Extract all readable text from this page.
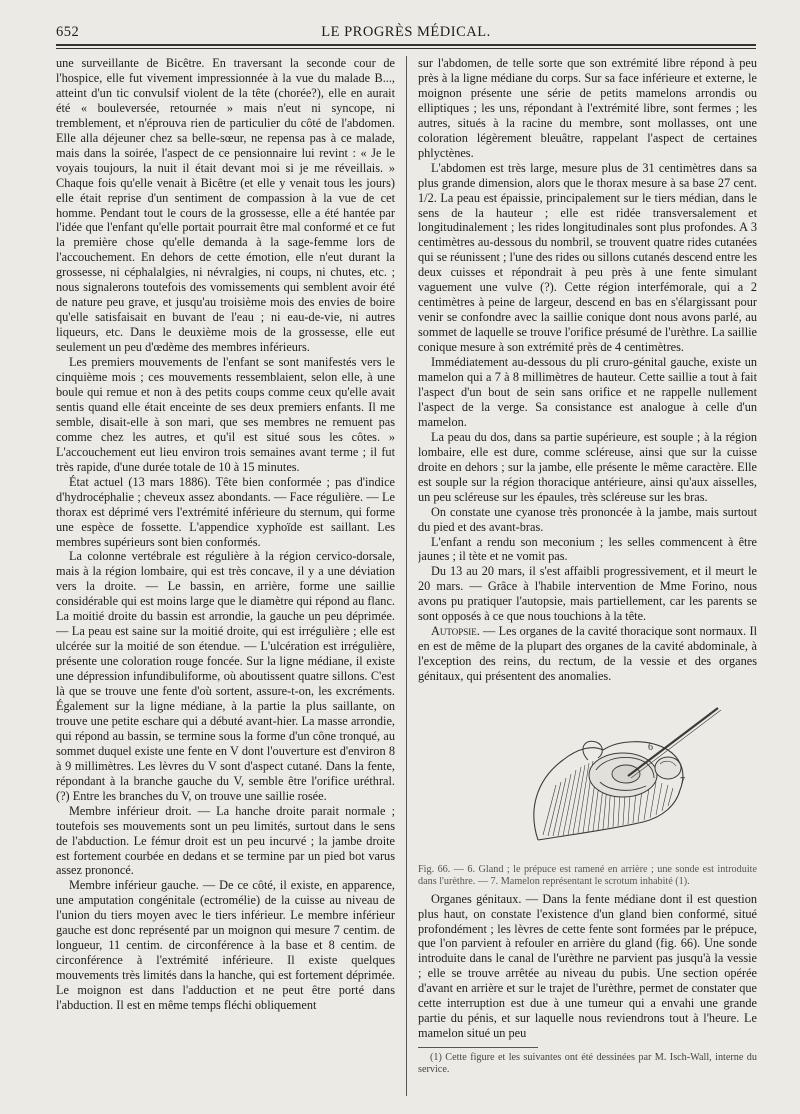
652	LE PROGRÈS MÉDICAL.

une surveillante de Bicêtre. En traversant la seconde cour de l'hospice, elle fut vivement impressionnée à la vue du malade B..., atteint d'un tic convulsif violent de la tête (chorée?), elle en aurait été « bouleversée, retournée » mais n'eut ni syncope, ni tremblement, et n'éprouva rien de particulier du côté de l'abdomen. Elle alla déjeuner chez sa belle-sœur, ne repensa pas à ce malade, mais dans la soirée, l'aspect de ce pensionnaire lui revint : « Je le voyais toujours, la nuit il était devant moi si je me réveillais. » Chaque fois qu'elle venait à Bicêtre (et elle y venait tous les jours) elle était reprise d'un sentiment de compassion à la vue de cet homme. Pendant tout le cours de la grossesse, elle a été hantée par l'idée que l'enfant qu'elle portait pourrait être mal conformé et ce fut la première chose qu'elle demanda à la sage-femme lors de l'accouchement. En dehors de cette émotion, elle n'eut durant la grossesse, ni céphalalgies, ni névralgies, ni coups, ni chutes, etc. ; nous signalerons toutefois des vomissements qui semblent avoir été de nature peu grave, et jusqu'au troisième mois des envies de boire qu'elle satisfaisait en buvant de l'eau ; ni eau-de-vie, ni autres liqueurs, etc. Dans le deuxième mois de la grossesse, elle eut seulement un peu d'œdème des membres inférieurs.

Les premiers mouvements de l'enfant se sont manifestés vers le cinquième mois ; ces mouvements ressemblaient, selon elle, à une boule qui remue et non à des petits coups comme ceux qu'elle avait sentis quand elle était enceinte de ses deux premiers enfants. Il me semble, disait-elle à son mari, que ses membres ne remuent pas comme chez les autres, et qu'il est situé sous les côtes. » L'accouchement eut lieu environ trois semaines avant terme ; il fut très rapide, d'une durée totale de 10 à 15 minutes.

État actuel (13 mars 1886). Tête bien conformée ; pas d'indice d'hydrocéphalie ; cheveux assez abondants. — Face régulière. — Le thorax est déprimé vers l'extrémité inférieure du sternum, qui forme une espèce de fossette. L'appendice xyphoïde est saillant. Les membres supérieurs sont bien conformés.

La colonne vertébrale est régulière à la région cervico-dorsale, mais à la région lombaire, qui est très concave, il y a une déviation vers la droite. — Le bassin, en arrière, forme une saillie considérable qui est moins large que le diamètre qui répond au flanc. La moitié droite du bassin est arrondie, la gauche un peu déprimée. — La peau est saine sur la moitié droite, qui est irrégulière ; elle est ulcérée sur la moitié de son étendue. — L'ulcération est irrégulière, présente une coloration rouge foncée. Sur la ligne médiane, il existe une dépression infundibuliforme, où aboutissent quatre sillons. C'est là que se trouve une fente d'où sortent, assure-t-on, les excréments. Également sur la ligne médiane, à la partie la plus saillante, on trouve une petite eschare qui a débuté avant-hier. La masse arrondie, qui répond au bassin, se termine sous la forme d'un cône tronqué, au sommet duquel existe une fente en V dont l'ouverture est d'environ 8 à 9 millimètres. Les lèvres du V sont d'aspect cutané. Dans la fente, répondant à la branche gauche du V, semble être l'orifice uréthral. (?) Entre les branches du V, on trouve une saillie rosée.

Membre inférieur droit. — La hanche droite parait normale ; toutefois ses mouvements sont un peu limités, surtout dans le sens de l'abduction. Le fémur droit est un peu incurvé ; la jambe droite est fortement courbée en dedans et se termine par un pied bot varus assez prononcé.

Membre inférieur gauche. — De ce côté, il existe, en apparence, une amputation congénitale (ectromélie) de la cuisse au niveau de l'union du tiers moyen avec le tiers inférieur. Le membre inférieur gauche est donc représenté par un moignon qui mesure 7 centim. de longueur, 11 centim. de circonférence à la base et 8 centim. de circonférence à l'extrémité inférieure. Il existe quelques mouvements très limités dans la hanche, qui est fortement déprimée. Le moignon est dans l'adduction et ne peut être porté dans l'abduction. Il est en même temps fléchi obliquement

sur l'abdomen, de telle sorte que son extrémité libre répond à peu près à la ligne médiane du corps. Sur sa face inférieure et externe, le moignon présente une série de petits mamelons arrondis ou elliptiques ; les uns, répondant à l'extrémité libre, sont fermes ; les autres, situés à la racine du membre, sont mollasses, ont une coloration légèrement bleuâtre, rappelant l'aspect de certaines phlyctènes.

L'abdomen est très large, mesure plus de 31 centimètres dans sa plus grande dimension, alors que le thorax mesure à sa base 27 cent. 1/2. La peau est épaissie, principalement sur le tiers médian, dans le sens de la hauteur ; elle est ridée transversalement et longitudinalement ; les rides longitudinales sont plus profondes. A 3 centimètres au-dessous du nombril, se trouvent quatre rides cutanées qui se réunissent ; l'une des rides ou sillons cutanés descend entre les deux cuisses et répondrait à peu près à une fente simulant vaguement une vulve (?). Cette région interfémorale, qui a 2 centimètres à peine de largeur, descend en bas en s'élargissant pour venir se confondre avec la saillie conique dont nous avons parlé, au sommet de laquelle se trouve l'orifice présumé de l'urèthre. La saillie conique mesure à son extrémité près de 4 centimètres.

Immédiatement au-dessous du pli cruro-génital gauche, existe un mamelon qui a 7 à 8 millimètres de hauteur. Cette saillie a tout à fait l'aspect d'un bout de sein sans orifice et ne rappelle nullement l'aspect de la verge. Sa consistance est analogue à celle d'un mamelon.

La peau du dos, dans sa partie supérieure, est souple ; à la région lombaire, elle est dure, comme scléreuse, ainsi que sur la cuisse droite en dehors ; sur la jambe, elle présente le même caractère. Elle est souple sur la région thoracique antérieure, ainsi qu'aux aisselles, un peu scléreuse sur les épaules, très scléreuse sur les bras.

On constate une cyanose très prononcée à la jambe, mais surtout du pied et des avant-bras.

L'enfant a rendu son meconium ; les selles commencent à être jaunes ; il tète et ne vomit pas.

Du 13 au 20 mars, il s'est affaibli progressivement, et il meurt le 20 mars. — Grâce à l'habile intervention de Mme Forino, nous avons pu pratiquer l'autopsie, mais partiellement, car les parents se sont opposés à ce que nous touchions à la tête.

Autopsie. — Les organes de la cavité thoracique sont normaux. Il en est de même de la plupart des organes de la cavité abdominale, à l'exception des reins, du rectum, de la vessie et des organes génitaux, qui présentent des anomalies.

6
7

Fig. 66. — 6. Gland ; le prépuce est ramené en arrière ; une sonde est introduite dans l'urèthre. — 7. Mamelon représentant le scrotum inhabité (1).

Organes génitaux. — Dans la fente médiane dont il est question plus haut, on constate l'existence d'un gland bien conformé, situé profondément ; les lèvres de cette fente sont formées par le prépuce, que l'on parvient à refouler en arrière du gland (fig. 66). Une sonde introduite dans le canal de l'urèthre ne parvient pas jusqu'à la vessie ; elle se trouve arrêtée au niveau du pubis. Une section opérée d'avant en arrière et sur le trajet de l'urèthre, permet de constater que cette interruption est due à une tumeur qui a envahi une grande partie du pénis, et sur laquelle nous reviendrons tout à l'heure. Le mamelon situé un peu

(1) Cette figure et les suivantes ont été dessinées par M. Isch-Wall, interne du service.
